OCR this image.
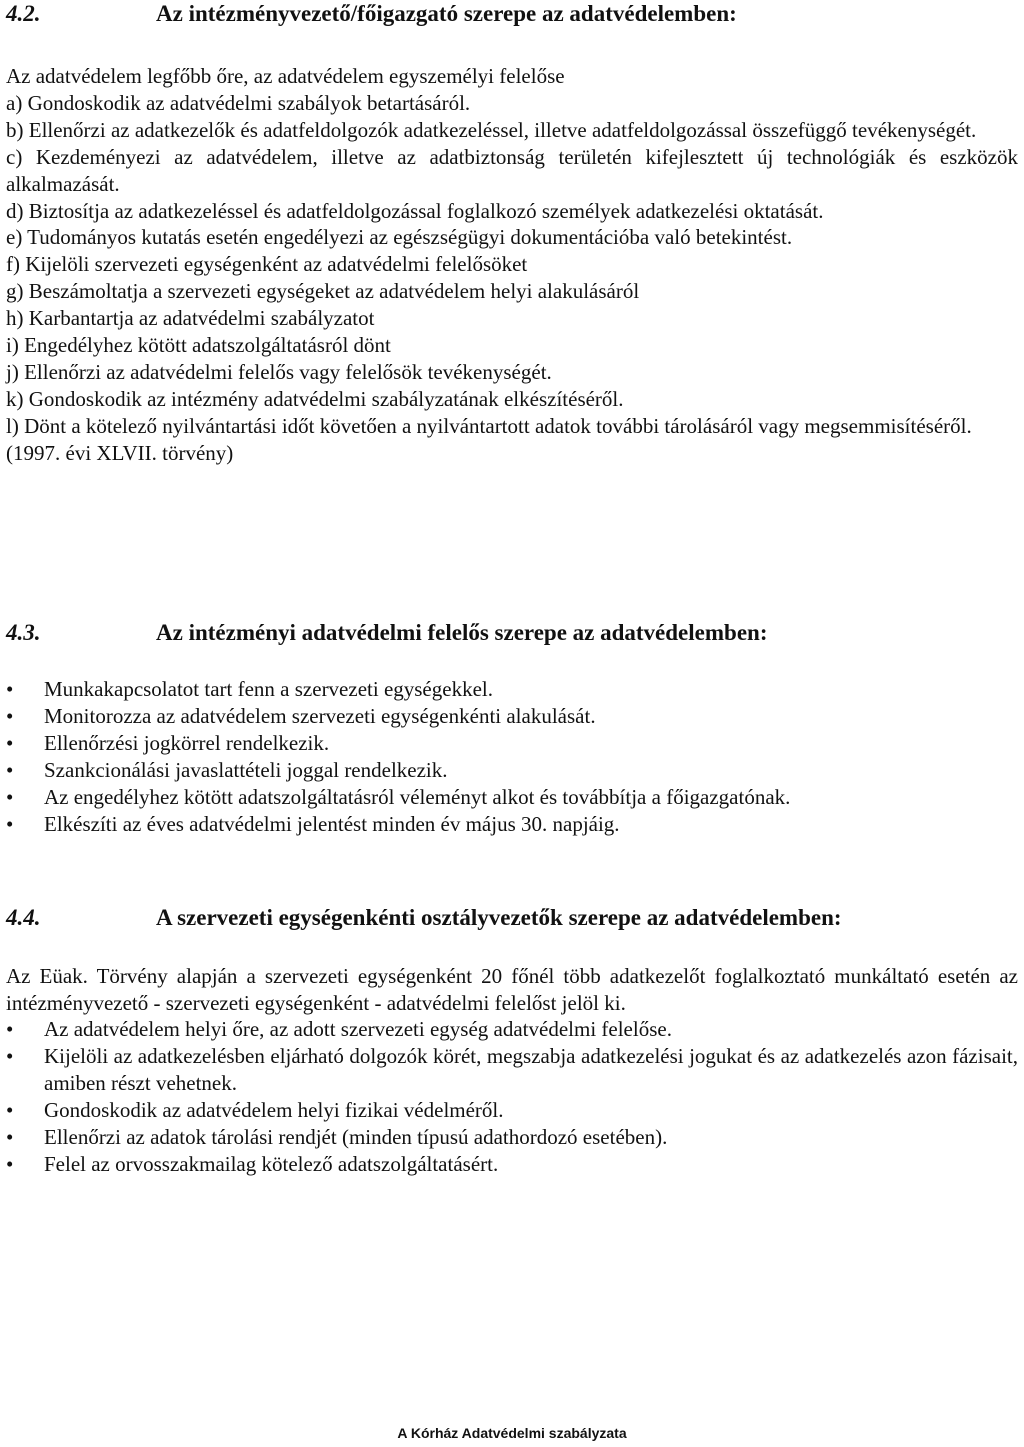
4.2.	Az intézményvezető/főigazgató szerepe az adatvédelemben:

Az adatvédelem legfőbb őre, az adatvédelem egyszemélyi felelőse

a) Gondoskodik az adatvédelmi szabályok betartásáról.

b) Ellenőrzi az adatkezelők és adatfeldolgozók adatkezeléssel, illetve adatfeldolgozással összefüggő tevékenységét.

c) Kezdeményezi az adatvédelem, illetve az adatbiztonság területén kifejlesztett új technológiák és eszközök alkalmazását.

d) Biztosítja az adatkezeléssel és adatfeldolgozással foglalkozó személyek adatkezelési oktatását.

e) Tudományos kutatás esetén engedélyezi az egészségügyi dokumentációba való betekintést.

f) Kijelöli szervezeti egységenként az adatvédelmi felelősöket

g) Beszámoltatja a szervezeti egységeket az adatvédelem helyi alakulásáról

h) Karbantartja az adatvédelmi szabályzatot

i) Engedélyhez kötött adatszolgáltatásról dönt

j) Ellenőrzi az adatvédelmi felelős vagy felelősök tevékenységét.

k) Gondoskodik az intézmény adatvédelmi szabályzatának elkészítéséről.

l) Dönt a kötelező nyilvántartási időt követően a nyilvántartott adatok további tárolásáról vagy megsemmisítéséről.

(1997. évi XLVII. törvény)

4.3.	Az intézményi adatvédelmi felelős szerepe az adatvédelemben:
• Munkakapcsolatot tart fenn a szervezeti egységekkel.
• Monitorozza az adatvédelem szervezeti egységenkénti alakulását.
• Ellenőrzési jogkörrel rendelkezik.
• Szankcionálási javaslattételi joggal rendelkezik.
• Az engedélyhez kötött adatszolgáltatásról véleményt alkot és továbbítja a főigazgatónak.
• Elkészíti az éves adatvédelmi jelentést minden év május 30. napjáig.
4.4.	A szervezeti egységenkénti osztályvezetők szerepe az adatvédelemben:

Az Eüak. Törvény alapján a szervezeti egységenként 20 főnél több adatkezelőt foglalkoztató munkáltató esetén az intézményvezető - szervezeti egységenként - adatvédelmi felelőst jelöl ki.

• Az adatvédelem helyi őre, az adott szervezeti egység adatvédelmi felelőse.
• Kijelöli az adatkezelésben eljárható dolgozók körét, megszabja adatkezelési jogukat és az adatkezelés azon fázisait, amiben részt vehetnek.
• Gondoskodik az adatvédelem helyi fizikai védelméről.
• Ellenőrzi az adatok tárolási rendjét (minden típusú adathordozó esetében).
• Felel az orvosszakmailag kötelező adatszolgáltatásért.
A Kórház Adatvédelmi szabályzata
